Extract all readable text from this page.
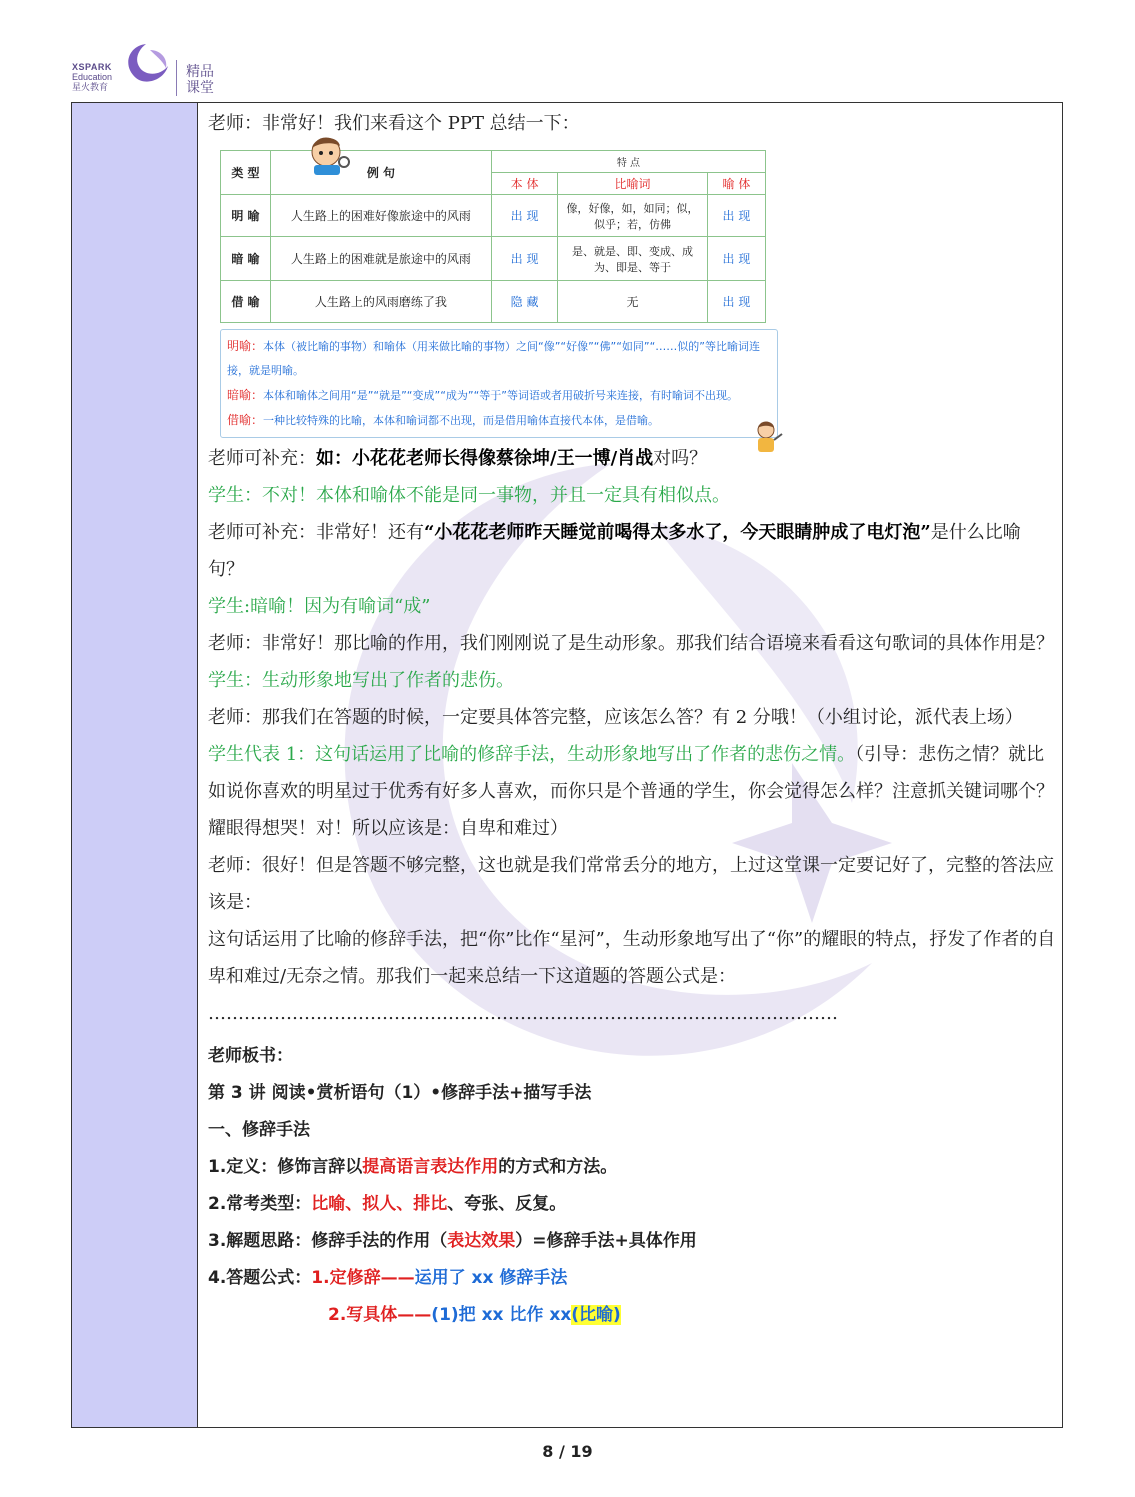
XSPARK
Education
星火教育
精品
课堂

老师：非常好！我们来看这个 PPT 总结一下：

类 型	例 句	特 点		
		本 体	比喻词	喻 体
明 喻	人生路上的困难好像旅途中的风雨	出 现	像，好像，如，如同；似，似乎；若，仿佛	出 现
暗 喻	人生路上的困难就是旅途中的风雨	出 现	是、就是、即、变成、成为、即是、等于	出 现
借 喻	人生路上的风雨磨练了我	隐 藏	无	出 现
明喻：本体（被比喻的事物）和喻体（用来做比喻的事物）之间“像”“好像”“佛”“如同”“……似的”等比喻词连接，就是明喻。
暗喻：本体和喻体之间用“是”“就是”“变成”“成为”“等于”等词语或者用破折号来连接，有时喻词不出现。
借喻：一种比较特殊的比喻，本体和喻词都不出现，而是借用喻体直接代本体，是借喻。

老师可补充：如：小花花老师长得像蔡徐坤/王一博/肖战对吗？

学生：不对！本体和喻体不能是同一事物，并且一定具有相似点。

老师可补充：非常好！还有“小花花老师昨天睡觉前喝得太多水了，今天眼睛肿成了电灯泡”是什么比喻句？

学生:暗喻！因为有喻词“成”

老师：非常好！那比喻的作用，我们刚刚说了是生动形象。那我们结合语境来看看这句歌词的具体作用是？

学生：生动形象地写出了作者的悲伤。

老师：那我们在答题的时候，一定要具体答完整，应该怎么答？有 2 分哦！（小组讨论，派代表上场）

学生代表 1：这句话运用了比喻的修辞手法，生动形象地写出了作者的悲伤之情。（引导：悲伤之情？就比如说你喜欢的明星过于优秀有好多人喜欢，而你只是个普通的学生，你会觉得怎么样？注意抓关键词哪个？耀眼得想哭！对！所以应该是：自卑和难过）

老师：很好！但是答题不够完整，这也就是我们常常丢分的地方，上过这堂课一定要记好了，完整的答法应该是：

这句话运用了比喻的修辞手法，把“你”比作“星河”，生动形象地写出了“你”的耀眼的特点，抒发了作者的自卑和难过/无奈之情。那我们一起来总结一下这道题的答题公式是：

……………………………………………………………………………………………

老师板书：

第 3 讲 阅读•赏析语句（1）•修辞手法+描写手法

一、修辞手法

1.定义：修饰言辞以提高语言表达作用的方式和方法。

2.常考类型：比喻、拟人、排比、夸张、反复。

3.解题思路：修辞手法的作用（表达效果）=修辞手法+具体作用

4.答题公式：1.定修辞——运用了 xx 修辞手法

2.写具体——(1)把 xx 比作 xx(比喻)

8 / 19
